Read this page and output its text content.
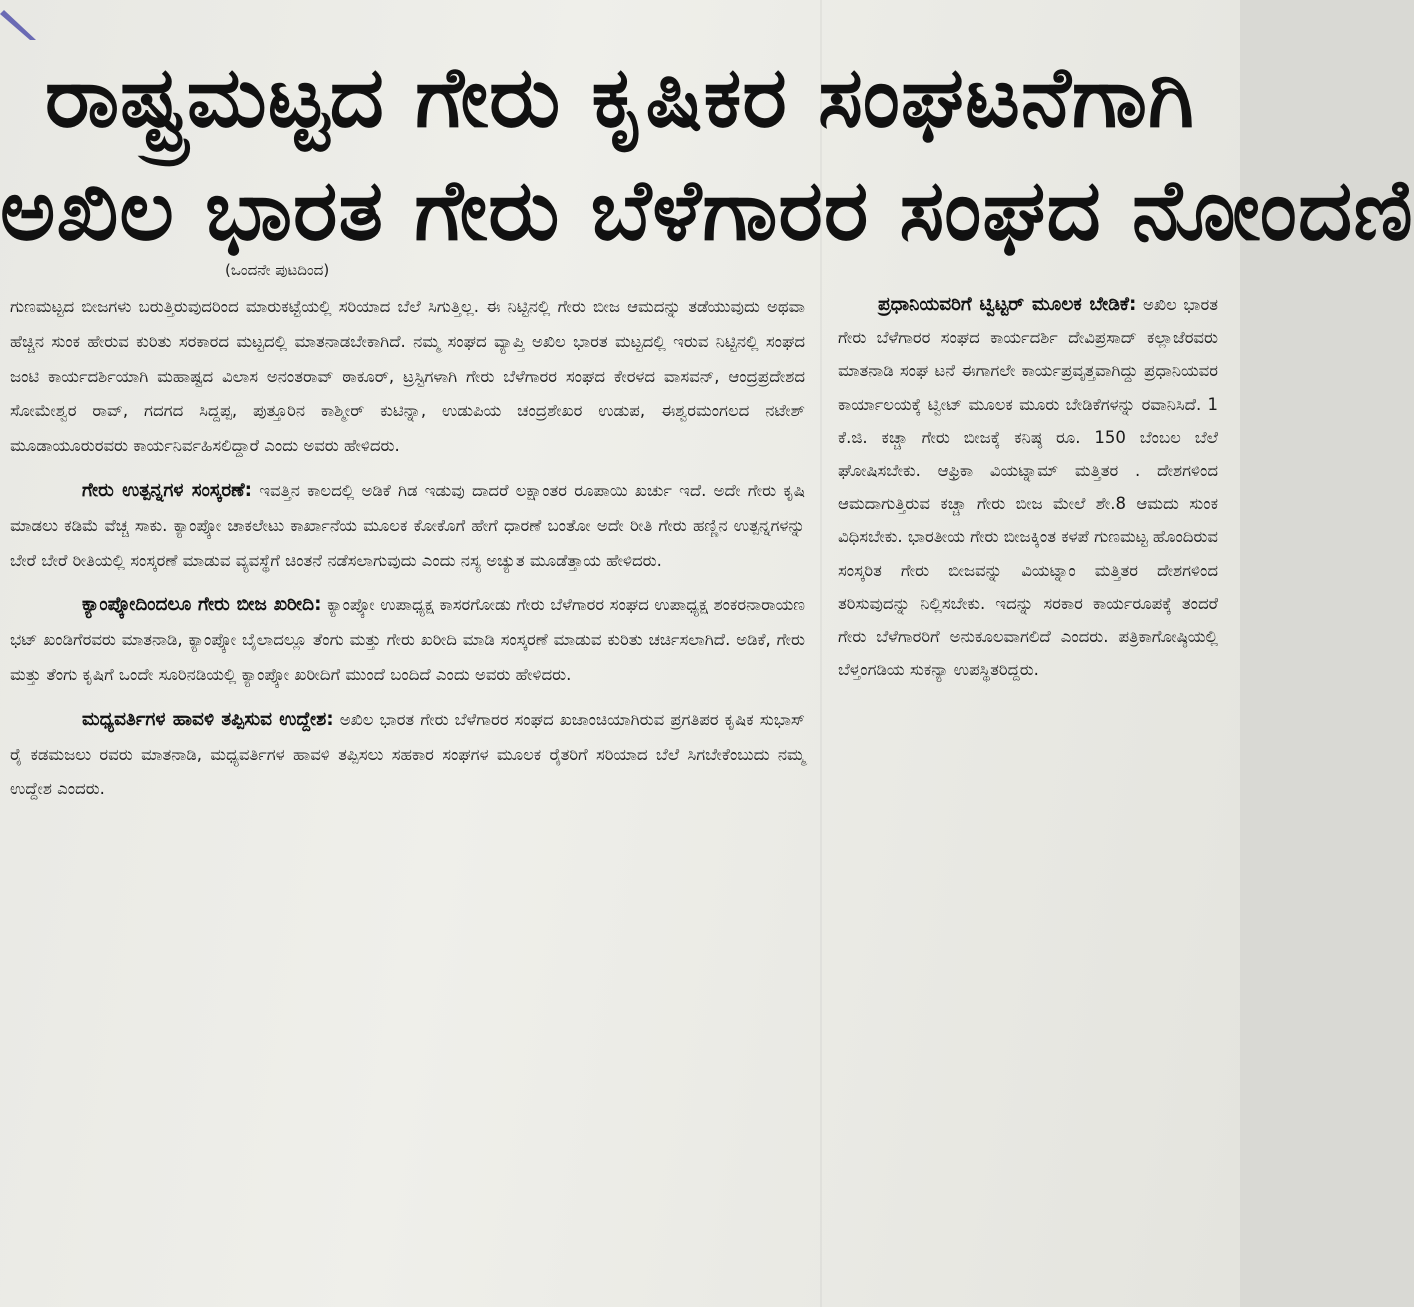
ರಾಷ್ಟ್ರಮಟ್ಟದ ಗೇರು ಕೃಷಿಕರ ಸಂಘಟನೆಗಾಗಿ
ಅಖಿಲ ಭಾರತ ಗೇರು ಬೆಳೆಗಾರರ ಸಂಘದ ನೋಂದಣಿ
(ಒಂದನೇ ಪುಟದಿಂದ)

ಗುಣಮಟ್ಟದ ಬೀಜಗಳು ಬರುತ್ತಿರುವುದರಿಂದ ಮಾರುಕಟ್ಟೆಯಲ್ಲಿ ಸರಿಯಾದ ಬೆಲೆ ಸಿಗುತ್ತಿಲ್ಲ. ಈ ನಿಟ್ಟಿನಲ್ಲಿ ಗೇರು ಬೀಜ ಆಮದನ್ನು ತಡೆಯುವುದು ಅಥವಾ ಹೆಚ್ಚಿನ ಸುಂಕ ಹೇರುವ ಕುರಿತು ಸರಕಾರದ ಮಟ್ಟದಲ್ಲಿ ಮಾತನಾಡಬೇಕಾಗಿದೆ. ನಮ್ಮ ಸಂಘದ ವ್ಯಾಪ್ತಿ ಅಖಿಲ ಭಾರತ ಮಟ್ಟದಲ್ಲಿ ಇರುವ ನಿಟ್ಟಿನಲ್ಲಿ ಸಂಘದ ಜಂಟಿ ಕಾರ್ಯದರ್ಶಿಯಾಗಿ ಮಹಾಷ್ಟದ ವಿಲಾಸ ಅನಂತರಾವ್ ಠಾಕೂರ್, ಟ್ರಸ್ಟಿಗಳಾಗಿ ಗೇರು ಬೆಳೆಗಾರರ ಸಂಘದ ಕೇರಳದ ವಾಸವನ್, ಆಂದ್ರಪ್ರದೇಶದ ಸೋಮೇಶ್ವರ ರಾವ್, ಗದಗದ ಸಿದ್ದಪ್ಪ, ಪುತ್ತೂರಿನ ಕಾಶ್ಮೀರ್ ಕುಟಿನ್ನಾ, ಉಡುಪಿಯ ಚಂದ್ರಶೇಖರ ಉಡುಪ, ಈಶ್ವರಮಂಗಲದ ನಟೇಶ್ ಮೂಡಾಯೂರುರವರು ಕಾರ್ಯನಿರ್ವಹಿಸಲಿದ್ದಾರೆ ಎಂದು ಅವರು ಹೇಳಿದರು.

ಗೇರು ಉತ್ಪನ್ನಗಳ ಸಂಸ್ಕರಣೆ: ಇವತ್ತಿನ ಕಾಲದಲ್ಲಿ ಅಡಿಕೆ ಗಿಡ ಇಡುವು ದಾದರೆ ಲಕ್ಷಾಂತರ ರೂಪಾಯಿ ಖರ್ಚು ಇದೆ. ಅದೇ ಗೇರು ಕೃಷಿ ಮಾಡಲು ಕಡಿಮೆ ವೆಚ್ಚ ಸಾಕು. ಕ್ಯಾಂಪ್ಕೋ ಚಾಕಲೇಟು ಕಾರ್ಖಾನೆಯ ಮೂಲಕ ಕೋಕೊಗೆ ಹೇಗೆ ಧಾರಣೆ ಬಂತೋ ಅದೇ ರೀತಿ ಗೇರು ಹಣ್ಣಿನ ಉತ್ಪನ್ನಗಳನ್ನು ಬೇರೆ ಬೇರೆ ರೀತಿಯಲ್ಲಿ ಸಂಸ್ಕರಣೆ ಮಾಡುವ ವ್ಯವಸ್ಥೆಗೆ ಚಿಂತನೆ ನಡೆಸಲಾಗುವುದು ಎಂದು ನಸ್ಯ ಅಚ್ಯುತ ಮೂಡೆತ್ತಾಯ ಹೇಳಿದರು.

ಕ್ಯಾಂಪ್ಕೋದಿಂದಲೂ ಗೇರು ಬೀಜ ಖರೀದಿ: ಕ್ಯಾಂಪ್ಕೋ ಉಪಾಧ್ಯಕ್ಷ ಕಾಸರಗೋಡು ಗೇರು ಬೆಳೆಗಾರರ ಸಂಘದ ಉಪಾಧ್ಯಕ್ಷ ಶಂಕರನಾರಾಯಣ ಭಟ್ ಖಂಡಿಗೆರವರು ಮಾತನಾಡಿ, ಕ್ಯಾಂಪ್ಕೋ ಬೈಲಾದಲ್ಲೂ ತೆಂಗು ಮತ್ತು ಗೇರು ಖರೀದಿ ಮಾಡಿ ಸಂಸ್ಕರಣೆ ಮಾಡುವ ಕುರಿತು ಚರ್ಚಿಸಲಾಗಿದೆ. ಅಡಿಕೆ, ಗೇರು ಮತ್ತು ತೆಂಗು ಕೃಷಿಗೆ ಒಂದೇ ಸೂರಿನಡಿಯಲ್ಲಿ ಕ್ಯಾಂಪ್ಕೋ ಖರೀದಿಗೆ ಮುಂದೆ ಬಂದಿದೆ ಎಂದು ಅವರು ಹೇಳಿದರು.

ಮಧ್ಯವರ್ತಿಗಳ ಹಾವಳಿ ತಪ್ಪಿಸುವ ಉದ್ದೇಶ: ಅಖಿಲ ಭಾರತ ಗೇರು ಬೆಳೆಗಾರರ ಸಂಘದ ಖಜಾಂಚಿಯಾಗಿರುವ ಪ್ರಗತಿಪರ ಕೃಷಿಕ ಸುಭಾಸ್ ರೈ ಕಡಮಜಲು ರವರು ಮಾತನಾಡಿ, ಮಧ್ಯವರ್ತಿಗಳ ಹಾವಳಿ ತಪ್ಪಿಸಲು ಸಹಕಾರ ಸಂಘಗಳ ಮೂಲಕ ರೈತರಿಗೆ ಸರಿಯಾದ ಬೆಲೆ ಸಿಗಬೇಕೆಂಬುದು ನಮ್ಮ ಉದ್ದೇಶ ಎಂದರು.

ಪ್ರಧಾನಿಯವರಿಗೆ ಟ್ವಿಟ್ಟರ್ ಮೂಲಕ ಬೇಡಿಕೆ: ಅಖಿಲ ಭಾರತ ಗೇರು ಬೆಳೆಗಾರರ ಸಂಘದ ಕಾರ್ಯದರ್ಶಿ ದೇವಿಪ್ರಸಾದ್ ಕಲ್ಲಾಜೆರವರು ಮಾತನಾಡಿ ಸಂಘ ಟನೆ ಈಗಾಗಲೇ ಕಾರ್ಯಪ್ರವೃತ್ತವಾಗಿದ್ದು ಪ್ರಧಾನಿಯವರ ಕಾರ್ಯಾಲಯಕ್ಕೆ ಟ್ವೀಟ್ ಮೂಲಕ ಮೂರು ಬೇಡಿಕೆಗಳನ್ನು ರವಾನಿಸಿದೆ. 1 ಕೆ.ಜಿ. ಕಚ್ಚಾ ಗೇರು ಬೀಜಕ್ಕೆ ಕನಿಷ್ಠ ರೂ. 150 ಬೆಂಬಲ ಬೆಲೆ ಘೋಷಿಸಬೇಕು. ಆಫ್ರಿಕಾ ವಿಯಟ್ನಾಮ್ ಮತ್ತಿತರ . ದೇಶಗಳಿಂದ ಆಮದಾಗುತ್ತಿರುವ ಕಚ್ಚಾ ಗೇರು ಬೀಜ ಮೇಲೆ ಶೇ.8 ಆಮದು ಸುಂಕ ವಿಧಿಸಬೇಕು. ಭಾರತೀಯ ಗೇರು ಬೀಜಕ್ಕಿಂತ ಕಳಪೆ ಗುಣಮಟ್ಟ ಹೊಂದಿರುವ ಸಂಸ್ಕರಿತ ಗೇರು ಬೀಜವನ್ನು ವಿಯಟ್ನಾಂ ಮತ್ತಿತರ ದೇಶಗಳಿಂದ ತರಿಸುವುದನ್ನು ನಿಲ್ಲಿಸಬೇಕು. ಇದನ್ನು ಸರಕಾರ ಕಾರ್ಯರೂಪಕ್ಕೆ ತಂದರೆ ಗೇರು ಬೆಳೆಗಾರರಿಗೆ ಅನುಕೂಲವಾಗಲಿದೆ ಎಂದರು. ಪತ್ರಿಕಾಗೋಷ್ಠಿಯಲ್ಲಿ ಬೆಳ್ತಂಗಡಿಯ ಸುಕನ್ಯಾ ಉಪಸ್ಥಿತರಿದ್ದರು.
